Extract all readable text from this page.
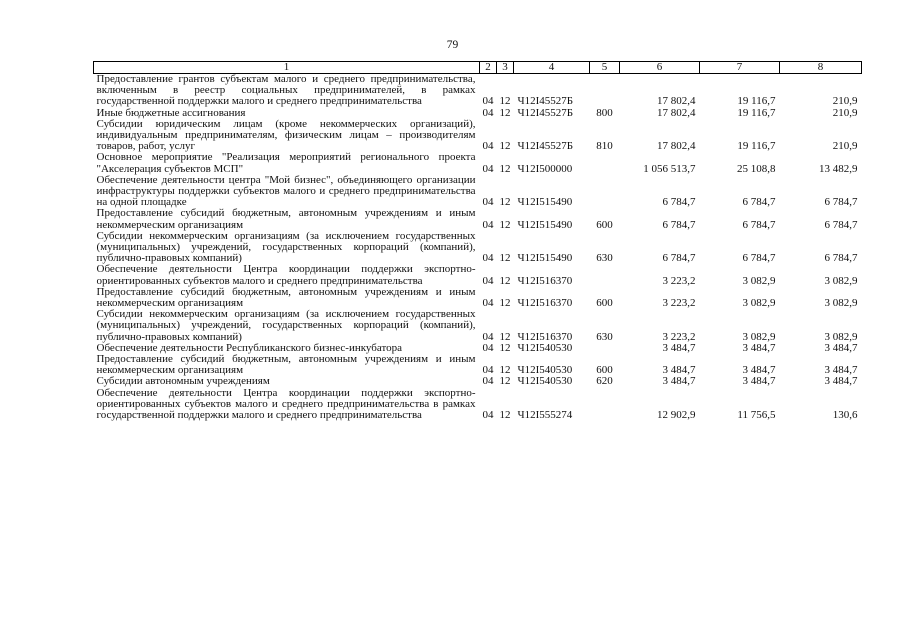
79
1	2	3	4	5	6	7	8
Предоставление грантов субъектам малого и среднего предпринимательства, включенным в реестр социальных предпринимателей, в рамках государственной поддержки малого и среднего предпринимательства	04	12	Ч12I45527Б		17 802,4	19 116,7	210,9
Иные бюджетные ассигнования	04	12	Ч12I45527Б	800	17 802,4	19 116,7	210,9
Субсидии юридическим лицам (кроме некоммерческих организаций), индивидуальным предпринимателям, физическим лицам – производителям товаров, работ, услуг	04	12	Ч12I45527Б	810	17 802,4	19 116,7	210,9
Основное мероприятие "Реализация мероприятий регионального проекта "Акселерация субъектов МСП"	04	12	Ч12I500000		1 056 513,7	25 108,8	13 482,9
Обеспечение деятельности центра "Мой бизнес", объединяющего организации инфраструктуры поддержки субъектов малого и среднего предпринимательства на одной площадке	04	12	Ч12I515490		6 784,7	6 784,7	6 784,7
Предоставление субсидий бюджетным, автономным учреждениям и иным некоммерческим организациям	04	12	Ч12I515490	600	6 784,7	6 784,7	6 784,7
Субсидии некоммерческим организациям (за исключением государственных (муниципальных) учреждений, государственных корпораций (компаний), публично-правовых компаний)	04	12	Ч12I515490	630	6 784,7	6 784,7	6 784,7
Обеспечение деятельности Центра координации поддержки экспортно-ориентированных субъектов малого и среднего предпринимательства	04	12	Ч12I516370		3 223,2	3 082,9	3 082,9
Предоставление субсидий бюджетным, автономным учреждениям и иным некоммерческим организациям	04	12	Ч12I516370	600	3 223,2	3 082,9	3 082,9
Субсидии некоммерческим организациям (за исключением государственных (муниципальных) учреждений, государственных корпораций (компаний), публично-правовых компаний)	04	12	Ч12I516370	630	3 223,2	3 082,9	3 082,9
Обеспечение деятельности Республиканского бизнес-инкубатора	04	12	Ч12I540530		3 484,7	3 484,7	3 484,7
Предоставление субсидий бюджетным, автономным учреждениям и иным некоммерческим организациям	04	12	Ч12I540530	600	3 484,7	3 484,7	3 484,7
Субсидии автономным учреждениям	04	12	Ч12I540530	620	3 484,7	3 484,7	3 484,7
Обеспечение деятельности Центра координации поддержки экспортно-ориентированных субъектов малого и среднего предпринимательства в рамках государственной поддержки малого и среднего предпринимательства	04	12	Ч12I555274		12 902,9	11 756,5	130,6
